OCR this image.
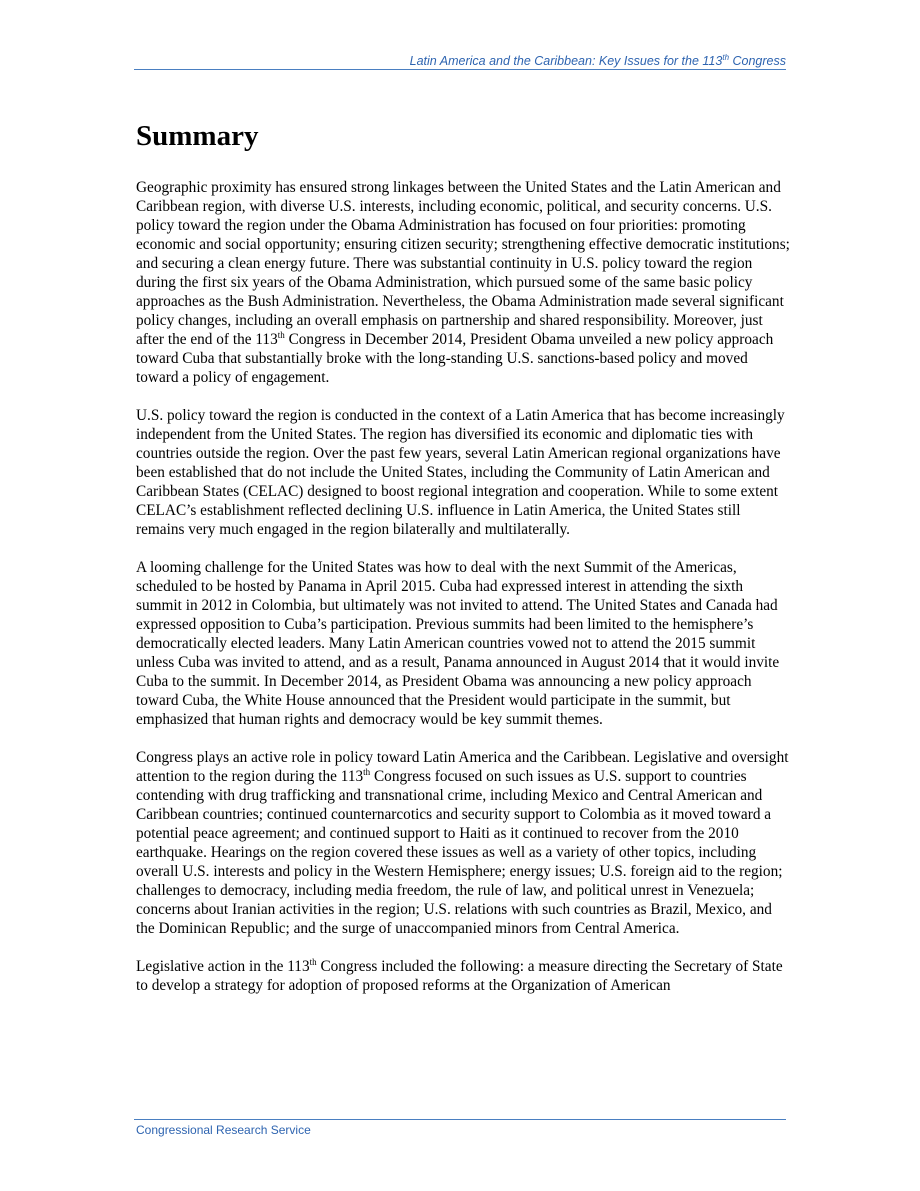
Latin America and the Caribbean: Key Issues for the 113th Congress
Summary

Geographic proximity has ensured strong linkages between the United States and the Latin American and Caribbean region, with diverse U.S. interests, including economic, political, and security concerns. U.S. policy toward the region under the Obama Administration has focused on four priorities: promoting economic and social opportunity; ensuring citizen security; strengthening effective democratic institutions; and securing a clean energy future. There was substantial continuity in U.S. policy toward the region during the first six years of the Obama Administration, which pursued some of the same basic policy approaches as the Bush Administration. Nevertheless, the Obama Administration made several significant policy changes, including an overall emphasis on partnership and shared responsibility. Moreover, just after the end of the 113th Congress in December 2014, President Obama unveiled a new policy approach toward Cuba that substantially broke with the long-standing U.S. sanctions-based policy and moved toward a policy of engagement.

U.S. policy toward the region is conducted in the context of a Latin America that has become increasingly independent from the United States. The region has diversified its economic and diplomatic ties with countries outside the region. Over the past few years, several Latin American regional organizations have been established that do not include the United States, including the Community of Latin American and Caribbean States (CELAC) designed to boost regional integration and cooperation. While to some extent CELAC’s establishment reflected declining U.S. influence in Latin America, the United States still remains very much engaged in the region bilaterally and multilaterally.

A looming challenge for the United States was how to deal with the next Summit of the Americas, scheduled to be hosted by Panama in April 2015. Cuba had expressed interest in attending the sixth summit in 2012 in Colombia, but ultimately was not invited to attend. The United States and Canada had expressed opposition to Cuba’s participation. Previous summits had been limited to the hemisphere’s democratically elected leaders. Many Latin American countries vowed not to attend the 2015 summit unless Cuba was invited to attend, and as a result, Panama announced in August 2014 that it would invite Cuba to the summit. In December 2014, as President Obama was announcing a new policy approach toward Cuba, the White House announced that the President would participate in the summit, but emphasized that human rights and democracy would be key summit themes.

Congress plays an active role in policy toward Latin America and the Caribbean. Legislative and oversight attention to the region during the 113th Congress focused on such issues as U.S. support to countries contending with drug trafficking and transnational crime, including Mexico and Central American and Caribbean countries; continued counternarcotics and security support to Colombia as it moved toward a potential peace agreement; and continued support to Haiti as it continued to recover from the 2010 earthquake. Hearings on the region covered these issues as well as a variety of other topics, including overall U.S. interests and policy in the Western Hemisphere; energy issues; U.S. foreign aid to the region; challenges to democracy, including media freedom, the rule of law, and political unrest in Venezuela; concerns about Iranian activities in the region; U.S. relations with such countries as Brazil, Mexico, and the Dominican Republic; and the surge of unaccompanied minors from Central America.

Legislative action in the 113th Congress included the following: a measure directing the Secretary of State to develop a strategy for adoption of proposed reforms at the Organization of American

Congressional Research Service
